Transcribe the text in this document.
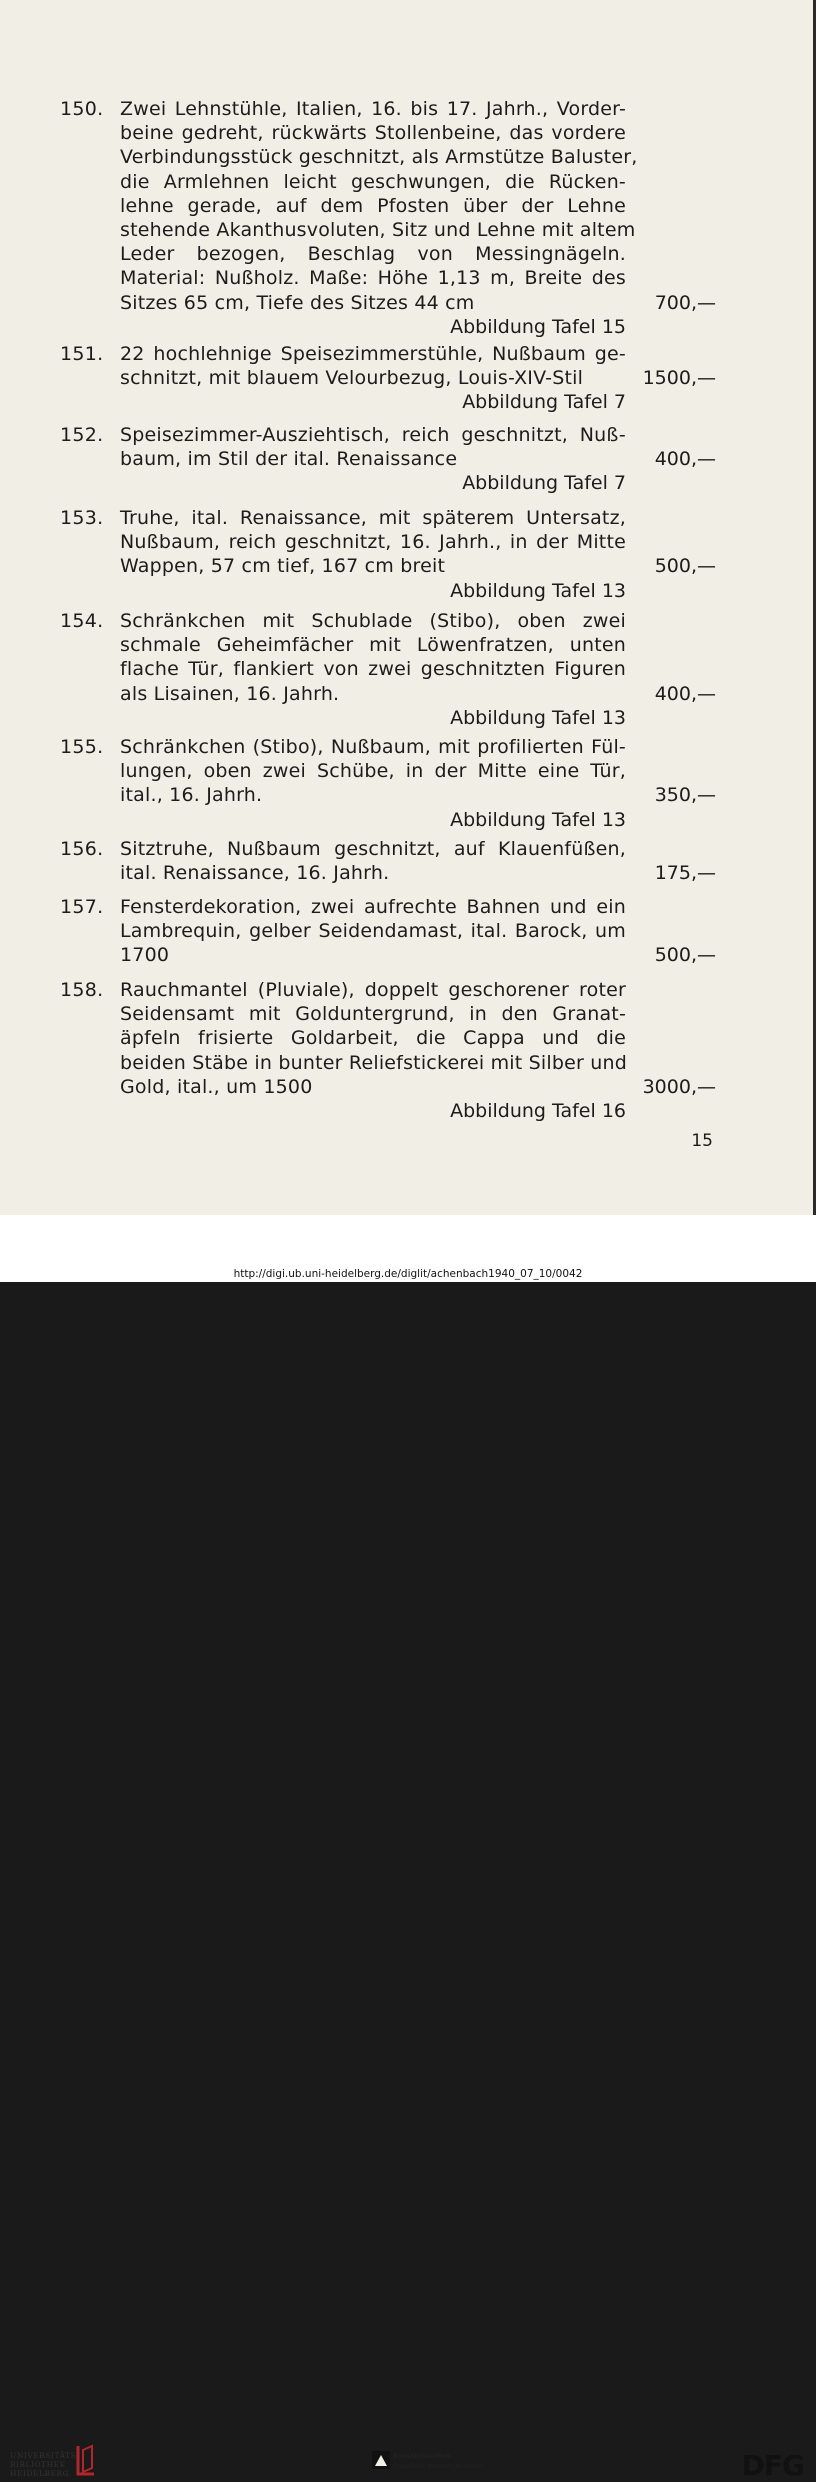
150. Zwei Lehnstühle, Italien, 16. bis 17. Jahrh., Vorder-
beine gedreht, rückwärts Stollenbeine, das vordere
Verbindungsstück geschnitzt, als Armstütze Baluster,
die Armlehnen leicht geschwungen, die Rücken-
lehne gerade, auf dem Pfosten über der Lehne
stehende Akanthusvoluten, Sitz und Lehne mit altem
Leder bezogen, Beschlag von Messingnägeln.
Material: Nußholz. Maße: Höhe 1,13 m, Breite des
Sitzes 65 cm, Tiefe des Sitzes 44 cm	700,—
Abbildung Tafel 15
151. 22 hochlehnige Speisezimmerstühle, Nußbaum ge-
schnitzt, mit blauem Velourbezug, Louis-XIV-Stil	1500,—
Abbildung Tafel 7
152. Speisezimmer-Ausziehtisch, reich geschnitzt, Nuß-
baum, im Stil der ital. Renaissance	400,—
Abbildung Tafel 7
153. Truhe, ital. Renaissance, mit späterem Untersatz,
Nußbaum, reich geschnitzt, 16. Jahrh., in der Mitte
Wappen, 57 cm tief, 167 cm breit	500,—
Abbildung Tafel 13
154. Schränkchen mit Schublade (Stibo), oben zwei
schmale Geheimfächer mit Löwenfratzen, unten
flache Tür, flankiert von zwei geschnitzten Figuren
als Lisainen, 16. Jahrh.	400,—
Abbildung Tafel 13
155. Schränkchen (Stibo), Nußbaum, mit profilierten Fül-
lungen, oben zwei Schübe, in der Mitte eine Tür,
ital., 16. Jahrh.	350,—
Abbildung Tafel 13
156. Sitztruhe, Nußbaum geschnitzt, auf Klauenfüßen,
ital. Renaissance, 16. Jahrh.	175,—
157. Fensterdekoration, zwei aufrechte Bahnen und ein
Lambrequin, gelber Seidendamast, ital. Barock, um
1700	500,—
158. Rauchmantel (Pluviale), doppelt geschorener roter
Seidensamt mit Golduntergrund, in den Granat-
äpfeln frisierte Goldarbeit, die Cappa und die
beiden Stäbe in bunter Reliefstickerei mit Silber und
Gold, ital., um 1500	3000,—
Abbildung Tafel 16
15
UNIVERSITÄTS-
BIBLIOTHEK
HEIDELBERG
Kunstbibliothek
Staatliche Museen zu Berlin	DFG
http://digi.ub.uni-heidelberg.de/diglit/achenbach1940_07_10/0042
